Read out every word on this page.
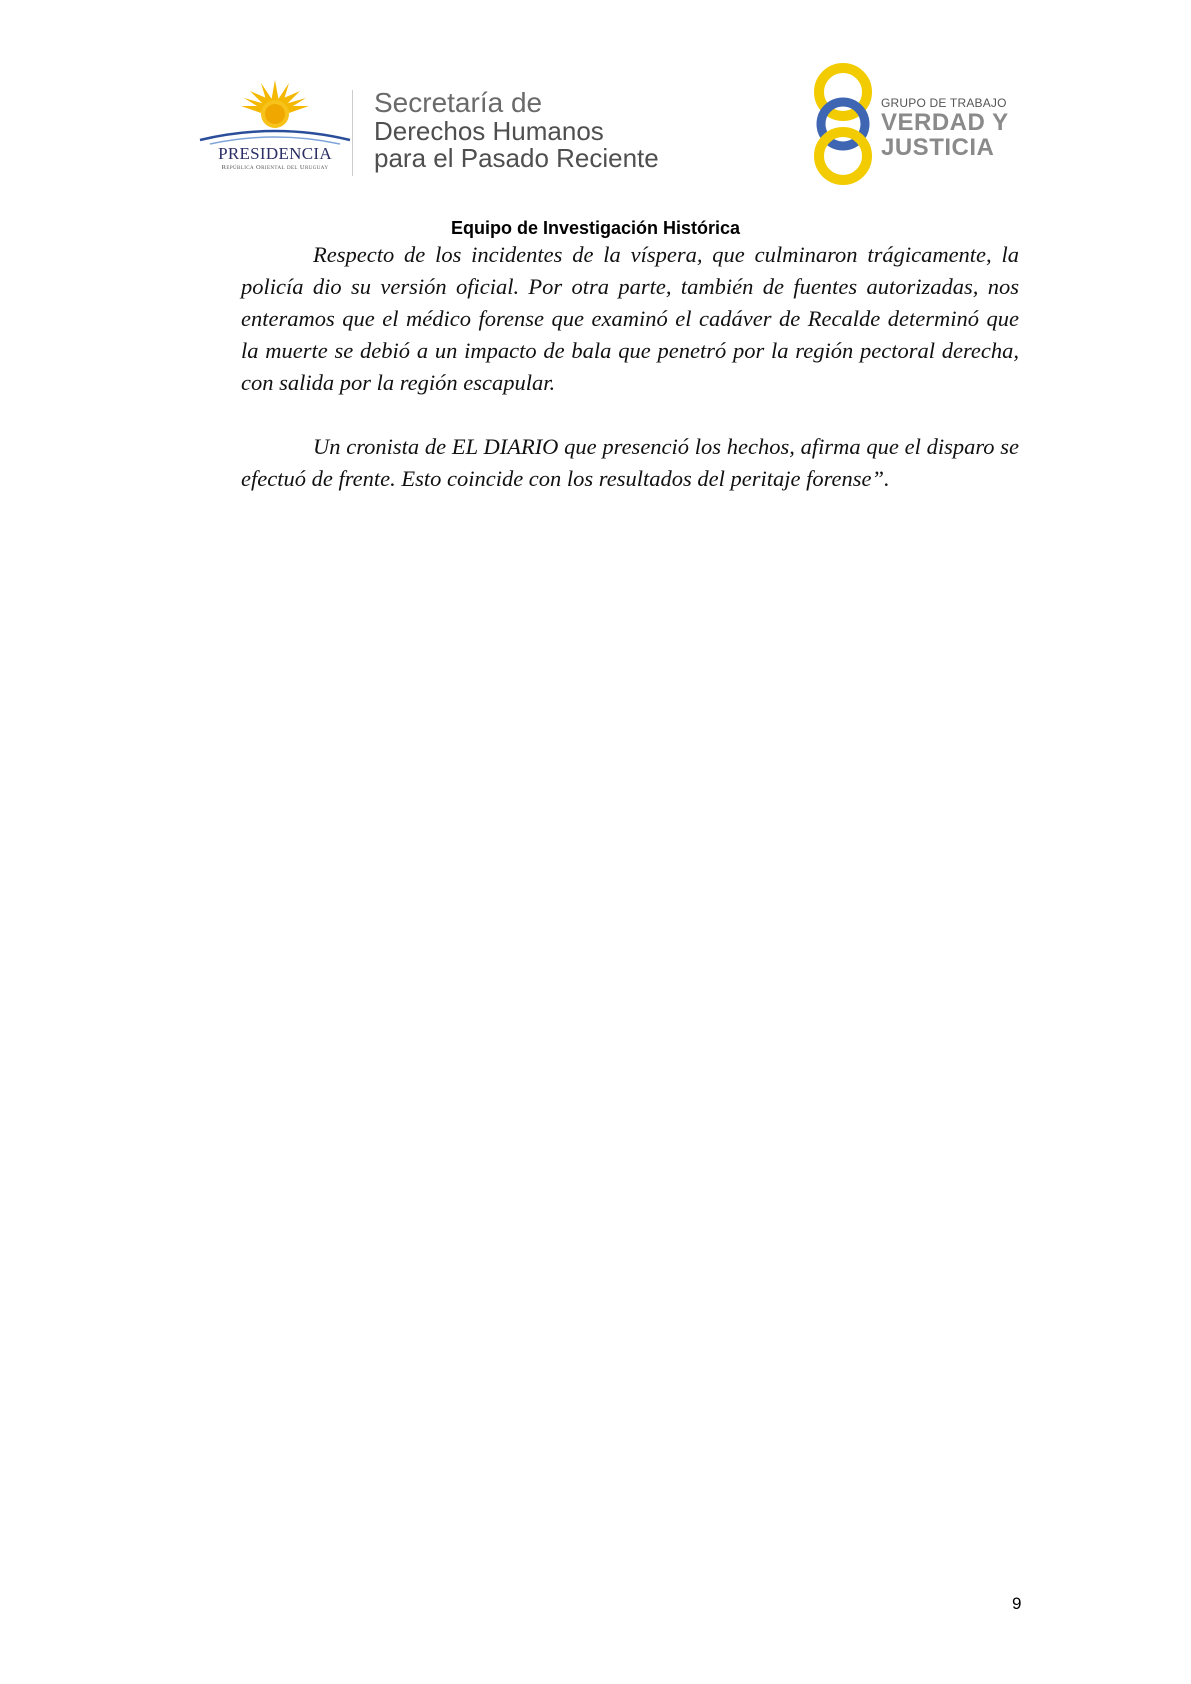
PRESIDENCIA
República Oriental del Uruguay
Secretaría de
Derechos Humanos
para el Pasado Reciente
GRUPO DE TRABAJO
VERDAD Y
JUSTICIA
Equipo de Investigación Histórica

Respecto de los incidentes de la víspera, que culminaron trágicamente, la policía dio su versión oficial. Por otra parte, también de fuentes autorizadas, nos enteramos que el médico forense que examinó el cadáver de Recalde determinó que la muerte se debió a un impacto de bala que penetró por la región pectoral derecha, con salida por la región escapular.

Un cronista de EL DIARIO que presenció los hechos, afirma que el disparo se efectuó de frente. Esto coincide con los resultados del peritaje forense”.

9
